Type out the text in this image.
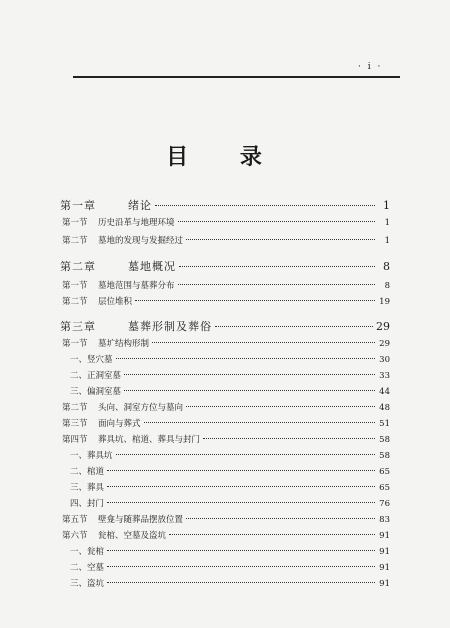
· i ·
目 录
第一章	绪论	1
第一节	历史沿革与地理环境	1
第二节	墓地的发现与发掘经过	1
第二章	墓地概况	8
第一节	墓地范围与墓葬分布	8
第二节	层位堆积	19
第三章	墓葬形制及葬俗	29
第一节	墓圹结构形制	29
一、竖穴墓	30
二、正洞室墓	33
三、偏洞室墓	44
第二节	头向、洞室方位与墓向	48
第三节	面向与葬式	51
第四节	葬具坑、棺道、葬具与封门	58
一、葬具坑	58
二、棺道	65
三、葬具	65
四、封门	76
第五节	壁龛与随葬品摆放位置	83
第六节	瓮棺、空墓及盗坑	91
一、瓮棺	91
二、空墓	91
三、盗坑	91
